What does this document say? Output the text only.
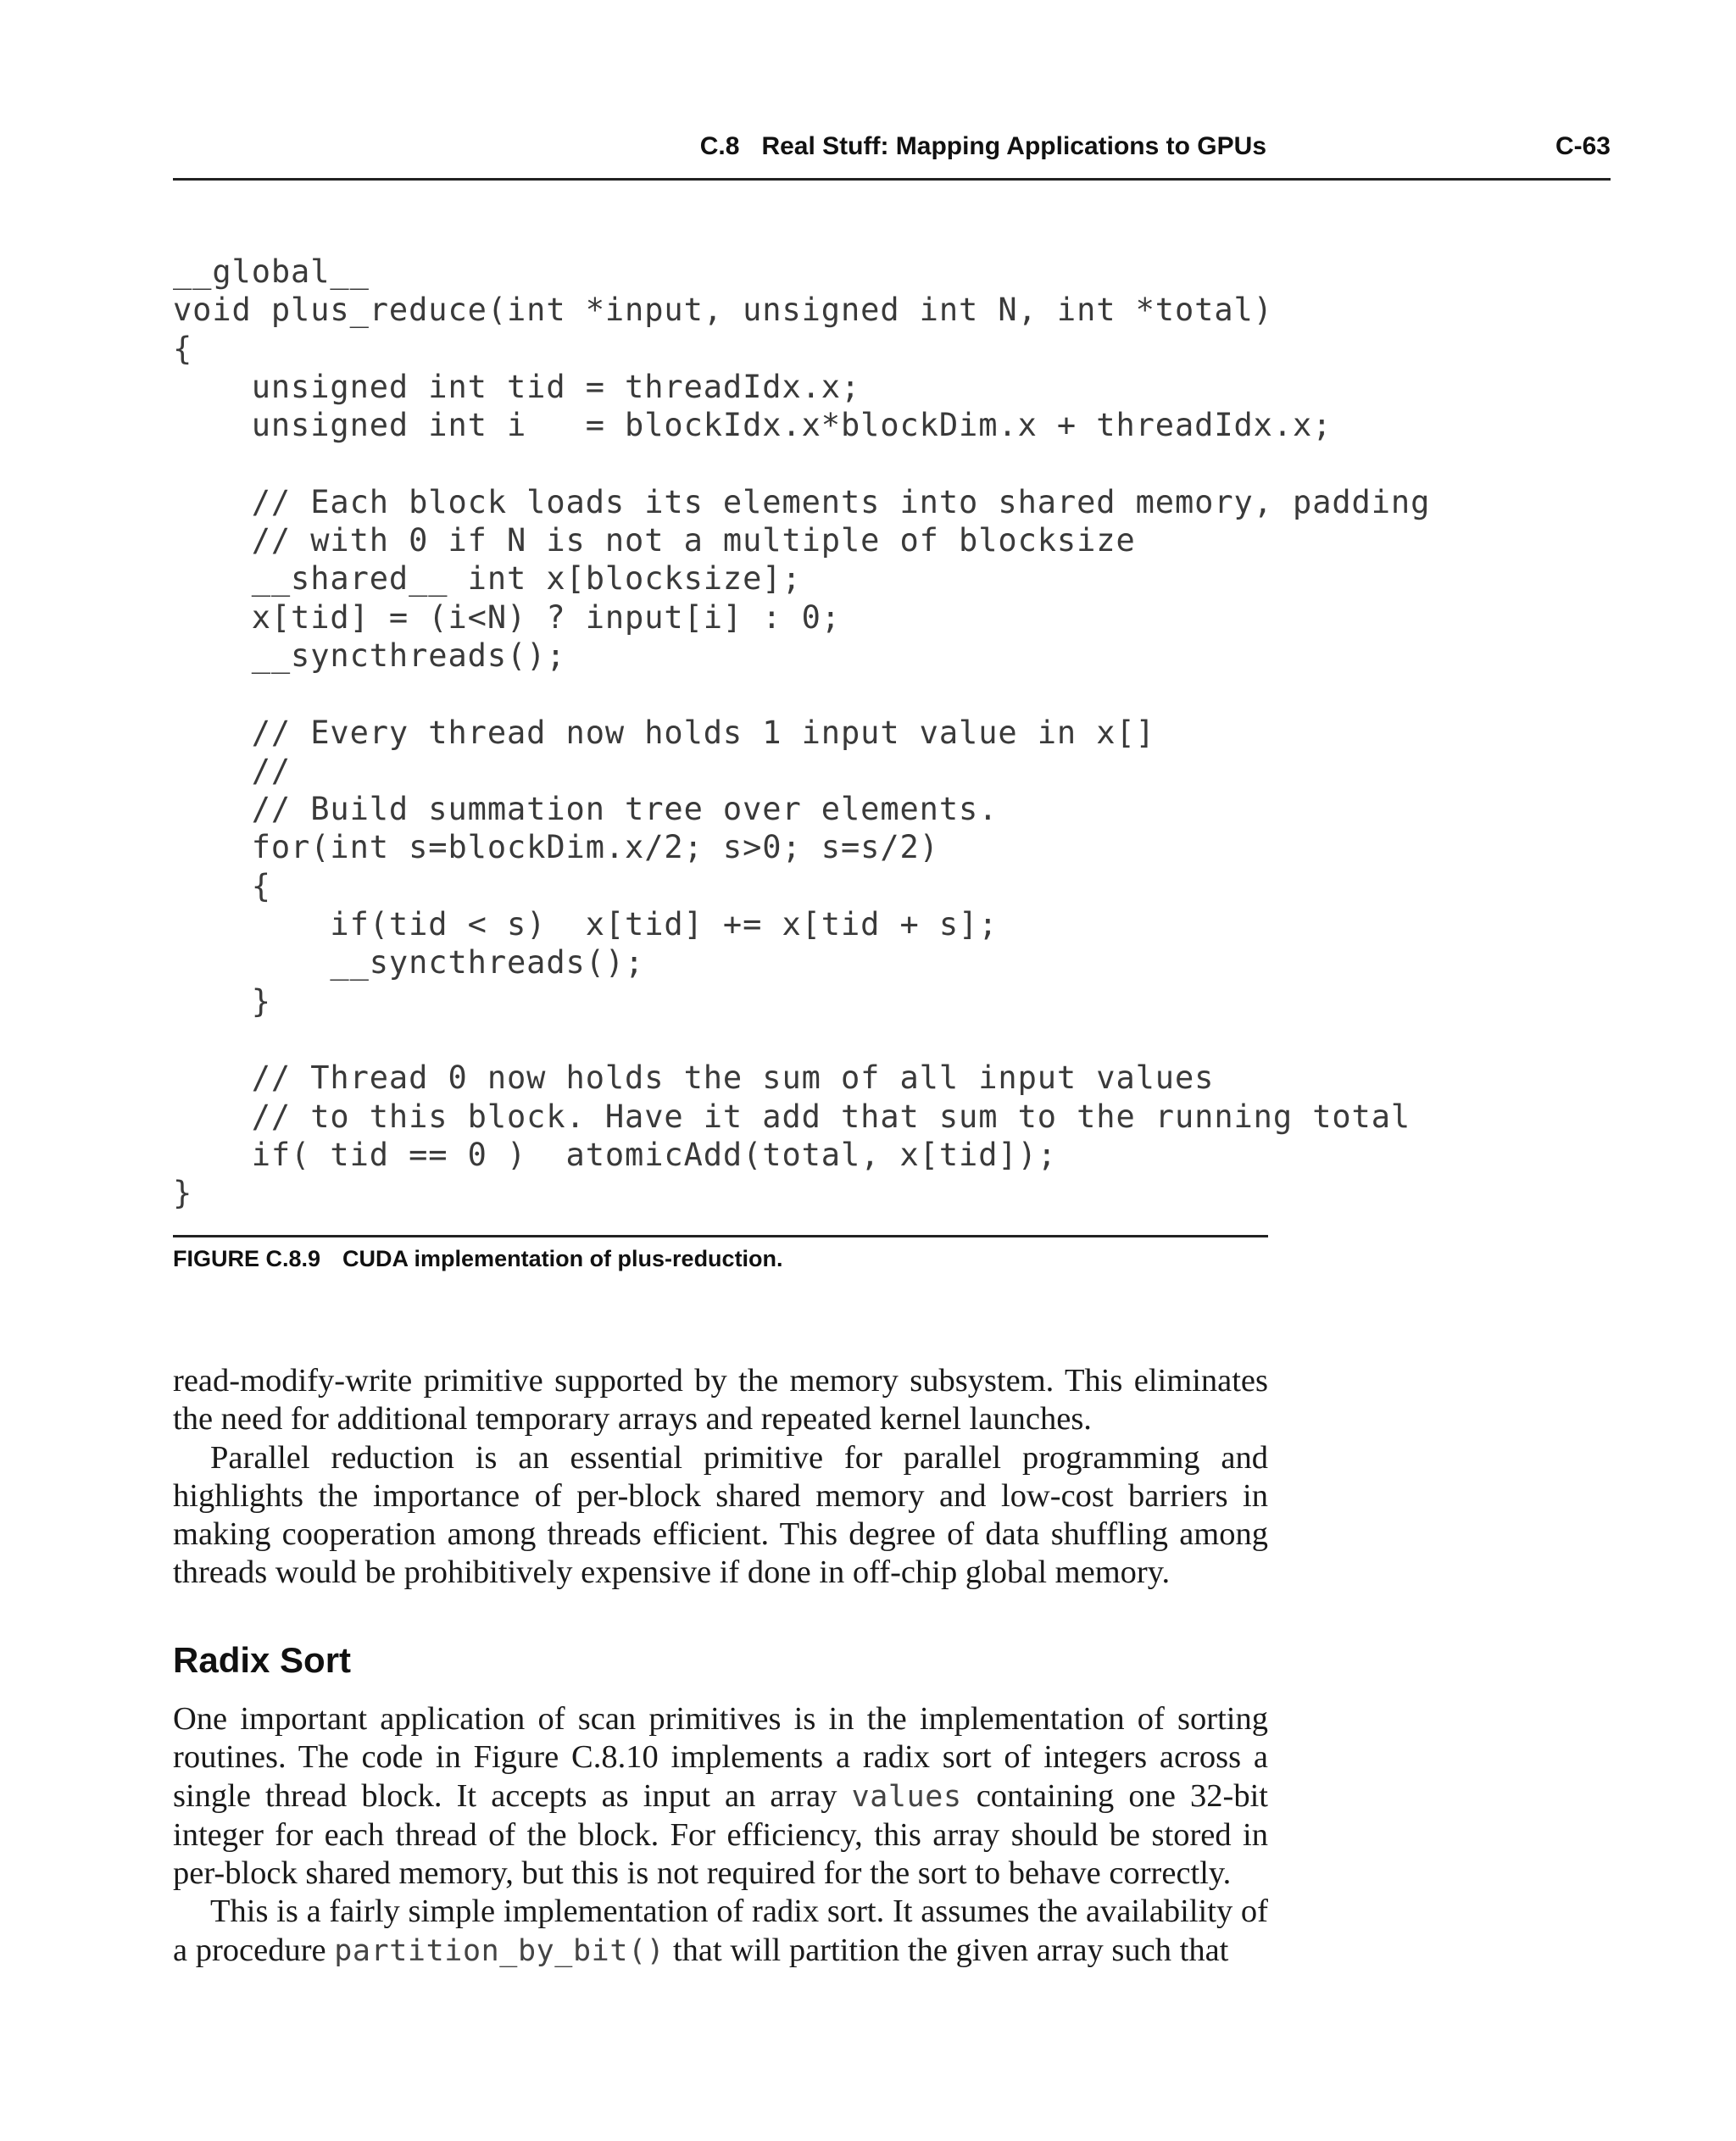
C.8 Real Stuff: Mapping Applications to GPUs	C-63
__global__
void plus_reduce(int *input, unsigned int N, int *total)
{
unsigned int tid = threadIdx.x;
unsigned int i   = blockIdx.x*blockDim.x + threadIdx.x;
// Each block loads its elements into shared memory, padding
// with 0 if N is not a multiple of blocksize
__shared__ int x[blocksize];
x[tid] = (i<N) ? input[i] : 0;
__syncthreads();
// Every thread now holds 1 input value in x[]
//
// Build summation tree over elements.
for(int s=blockDim.x/2; s>0; s=s/2)
{
if(tid < s)  x[tid] += x[tid + s];
__syncthreads();
}
// Thread 0 now holds the sum of all input values
// to this block. Have it add that sum to the running total
if( tid == 0 )  atomicAdd(total, x[tid]);
}
FIGURE C.8.9 CUDA implementation of plus-reduction.

read-modify-write primitive supported by the memory subsystem. This eliminates the need for additional temporary arrays and repeated kernel launches.

Parallel reduction is an essential primitive for parallel programming and highlights the importance of per-block shared memory and low-cost barriers in making cooperation among threads efficient. This degree of data shuffling among threads would be prohibitively expensive if done in off-chip global memory.

Radix Sort

One important application of scan primitives is in the implementation of sorting routines. The code in Figure C.8.10 implements a radix sort of integers across a single thread block. It accepts as input an array values containing one 32-bit integer for each thread of the block. For efficiency, this array should be stored in per-block shared memory, but this is not required for the sort to behave correctly.

This is a fairly simple implementation of radix sort. It assumes the availability of a procedure partition_by_bit() that will partition the given array such that
